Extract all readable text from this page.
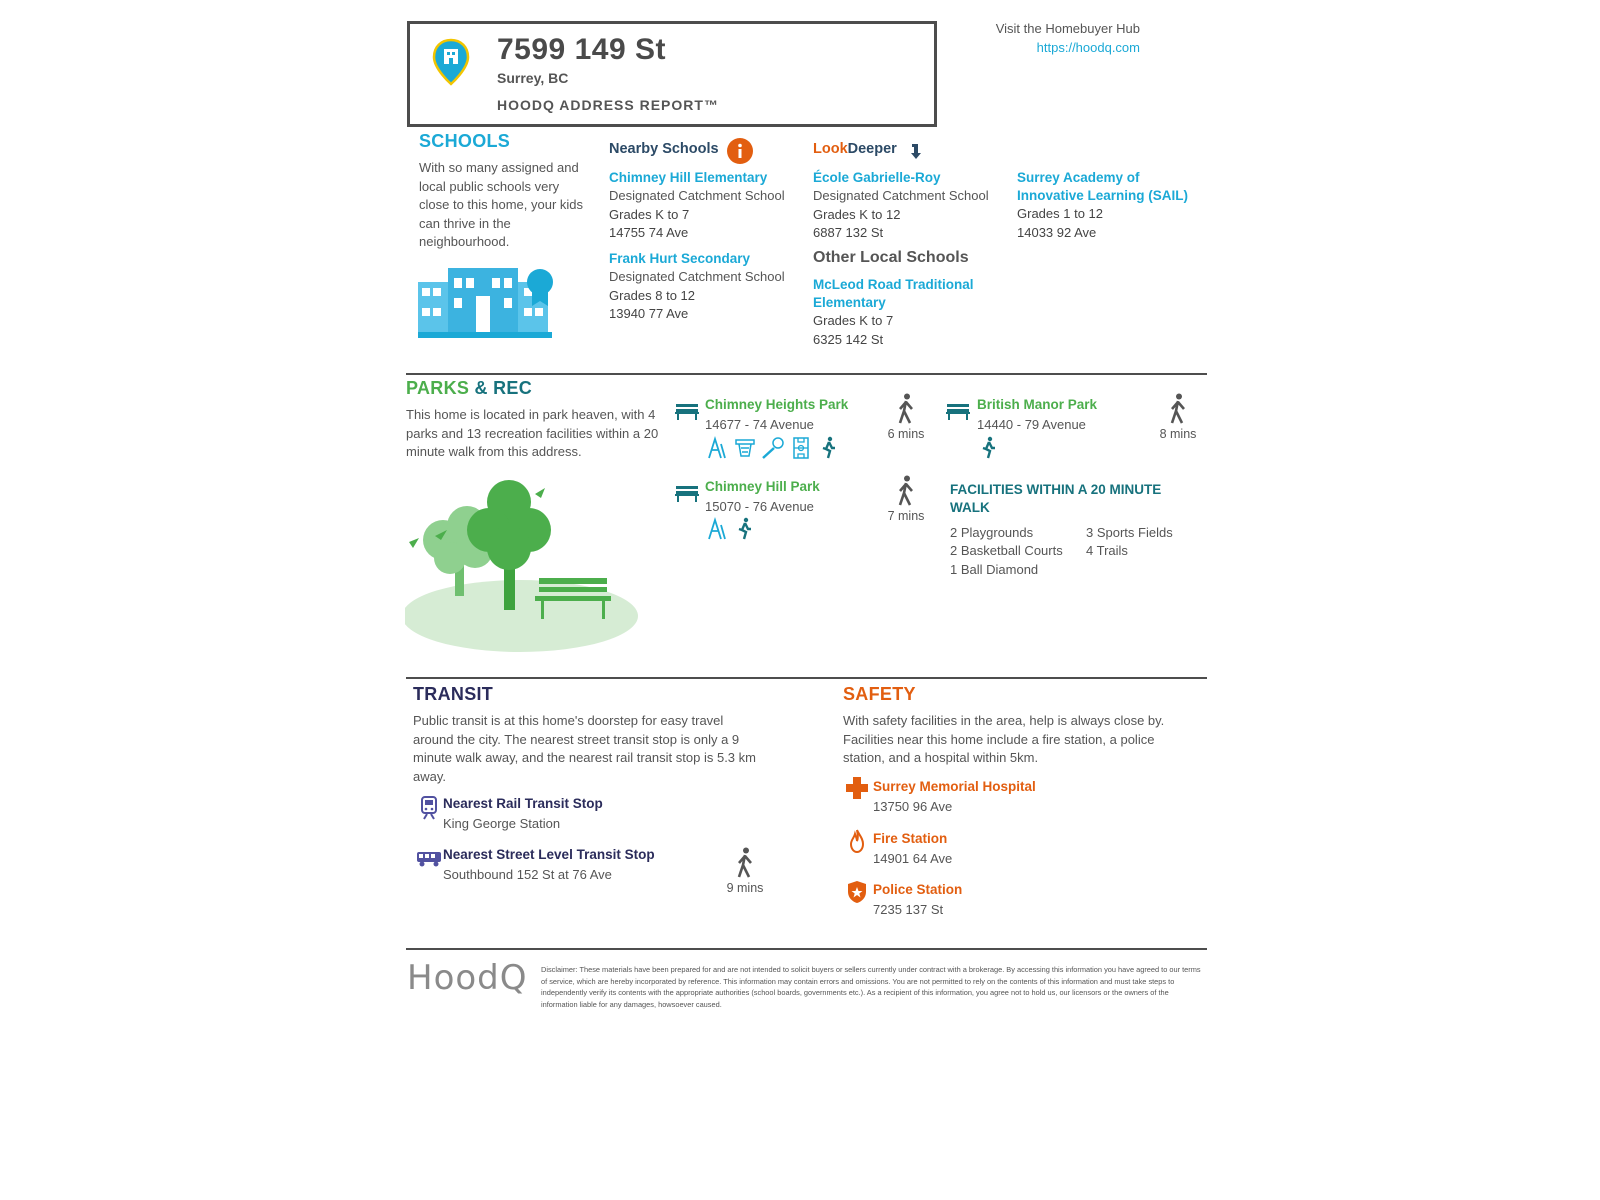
7599 149 St
Surrey, BC
HOODQ ADDRESS REPORT™
Visit the Homebuyer Hub
https://hoodq.com
SCHOOLS
With so many assigned and local public schools very close to this home, your kids can thrive in the neighbourhood.
Nearby Schools	LookDeeper
Chimney Hill Elementary
Designated Catchment School
Grades K to 7
14755 74 Ave
Frank Hurt Secondary
Designated Catchment School
Grades 8 to 12
13940 77 Ave
École Gabrielle-Roy
Designated Catchment School
Grades K to 12
6887 132 St
Surrey Academy of Innovative Learning (SAIL)
Grades 1 to 12
14033 92 Ave
Other Local Schools
McLeod Road Traditional Elementary
Grades K to 7
6325 142 St
PARKS & REC
This home is located in park heaven, with 4 parks and 13 recreation facilities within a 20 minute walk from this address.
Chimney Heights Park
14677 - 74 Avenue
6 mins
British Manor Park
14440 - 79 Avenue
8 mins
Chimney Hill Park
15070 - 76 Avenue
7 mins
FACILITIES WITHIN A 20 MINUTE WALK
2 Playgrounds	3 Sports Fields
2 Basketball Courts 4 Trails
1 Ball Diamond
TRANSIT
Public transit is at this home's doorstep for easy travel around the city. The nearest street transit stop is only a 9 minute walk away, and the nearest rail transit stop is 5.3 km away.
Nearest Rail Transit Stop
King George Station
Nearest Street Level Transit Stop
Southbound 152 St at 76 Ave
9 mins
SAFETY
With safety facilities in the area, help is always close by. Facilities near this home include a fire station, a police station, and a hospital within 5km.
Surrey Memorial Hospital
13750 96 Ave
Fire Station
14901 64 Ave
Police Station
7235 137 St
HoodQ Disclaimer: These materials have been prepared for and are not intended to solicit buyers or sellers currently under contract with a brokerage. By accessing this information you have agreed to our terms of service, which are hereby incorporated by reference. This information may contain errors and omissions. You are not permitted to rely on the contents of this information and must take steps to independently verify its contents with the appropriate authorities (school boards, governments etc.). As a recipient of this information, you agree not to hold us, our licensors or the owners of the information liable for any damages, howsoever caused.
